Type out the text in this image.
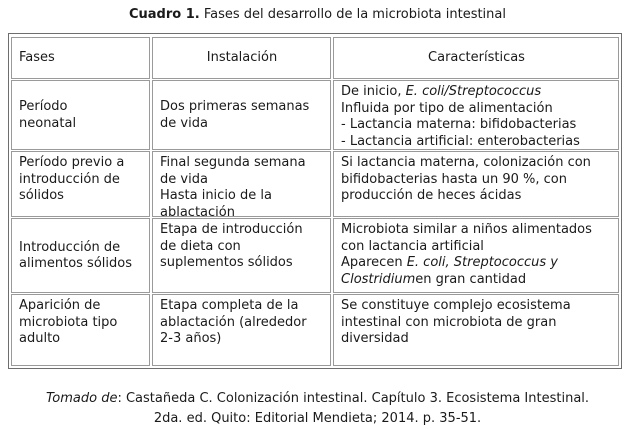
Cuadro 1. Fases del desarrollo de la microbiota intestinal
Fases	Instalación	Características
Período
neonatal
Dos primeras semanas
de vida
De inicio, E. coli/Streptococcus
Influida por tipo de alimentación
- Lactancia materna: bifidobacterias
- Lactancia artificial: enterobacterias
Período previo a
introducción de
sólidos
Final segunda semana
de vida
Hasta inicio de la
ablactación
Si lactancia materna, colonización con
bifidobacterias hasta un 90 %, con
producción de heces ácidas
Introducción de
alimentos sólidos
Etapa de introducción
de dieta con
suplementos sólidos
Microbiota similar a niños alimentados
con lactancia artificial
Aparecen E. coli, Streptococcus y
Clostridiumen gran cantidad
Aparición de
microbiota tipo
adulto
Etapa completa de la
ablactación (alrededor
2-3 años)
Se constituye complejo ecosistema
intestinal con microbiota de gran
diversidad
Tomado de: Castañeda C. Colonización intestinal. Capítulo 3. Ecosistema Intestinal.
2da. ed. Quito: Editorial Mendieta; 2014. p. 35-51.
